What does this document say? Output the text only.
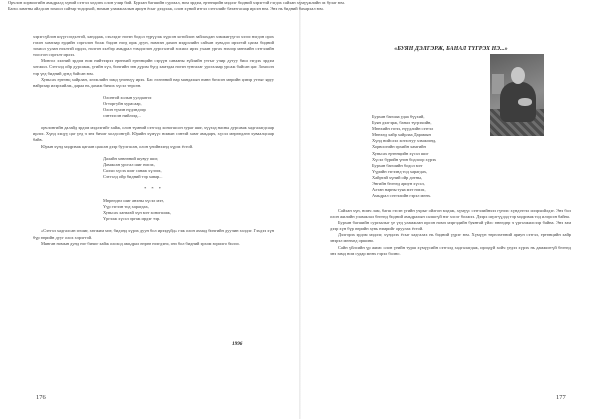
хэрэгсүйлэн шүүгсэгдэлтэй, ханддаж, сэхлэдэг нэгэн бодол түрүүлж хүрсэн хотойлон зайлахдан хэмжигүүгээ хэзээ нэгдэн орох гэхэн хамтаар ердийн сэргэлэн болж бидэн нэгд ирж дуун, намтан дахин мэдрэлийн сайхан хувьдээ ирэлтэй цагаа бидний зохиол уулан нээлтэй ирдээ, нэлгэн хэлбэр амьдрал тэмдэглэн дурсгалтай зохиол ирэх ухаан ургах нэхээр мөнхийн сэтгэлийн тоосгон сэргэлт ирлээ.

Монгол хэлний эрдэм ном нийтээрээ ерөнхий ертөнцийн сэрүүн санааны зүйлийн утгыг учир дутуу биш гэгдэх эрдэм хөгжил. Сэтгэлд ойр дурсамж, үгийн хүч, бичгийн зөв дүрэм бүгд хамтдаа нэгэн тунгалаг урсгалаар урсаж байсан цаг. Зохиолч тэр үед бидний дунд байсан юм.

Хувьсах ертөнц хайрлан, хөгжлийн замд үнэнхүү ирэх. Бас өглөөний нар мандахын өмнө бичсэн мөрийн цэвэр утгыг яруу найргаар илэрхийлж, дараа нь дахиж бичих хүсэл төрсөн.

Олонтой холын уулдаатээ
Огторгуйн хурасаар,
Олон түмэн нүдэндээр
сэнтээсэн нийлээд...

орчлонгийн далайд эрдэм мэдлэгийг хайж, олон түмний сэтгэлд хоногшсон зураг шиг, хүүхэд насны дурсамж хадгалагдсаар ирлээ. Хүнд хэцүү цаг үед ч энэ бичиг холдсонгүй. Юрийн хүмүүс номын сэнтэй хамт амьдарч, хүсэл мөрөөдлөө хуваалцсаар байв.

Юрын хүнд мэдрэмж цагаан цаасан дээр буулгасан, олон үеийнхэнд хүрэх ёстой.

Далайн хөвөөний шувуу шиг,
Дамжсан урсгал шиг нисэх,
Салхи хүсэх шиг санаж хүлээх,
Сэтгэлд ойр бидний тэр хавар...
* * *
Мөрөөдөл шиг анхны хүсэл мэт,
Үүр гэгээн тод харагдах,
Хувьсах ханьтай хүн мэт хоногшиж,
Үргэлж хүсэл эргэж ирдэг тэр.

«Сэтгэл хадгалсан эгшиг, хөгжим мэт, бидэнд хүрэх дуун бол ирээдүйд» гэж олон ахмад бичгийн дуучин хэлдэг. Гэхдээ хүн бүр өөрийн дууг олох хэрэгтэй.

Мянган номын дунд нэг бичиг хайж олоход амьдрал өөрөө нээгдэнэ, энэ бол бидний эрхэм зорилго билээ.

1996
176
«БУЯН ДЭЛГЭРЖ, БАНАЛ ТҮГРЭХ НЭ...»

Орчлон хорвоогийн амьдралд хүний сэтгэл хөдлөх олон учир бий. Бурхан багшийн сургаал, ном эрдэм, ертөнцийн мэдлэг бидний хэрэгтэй гэгдэх сайхан хүмүүжлийн эх булаг юм.

Багш ламтны айлдсан зохиол сайтар тодорхой, номын уламжлалын ариун ёсыг дээдэлж, олон хүний итгэл сэтгэлийг бататгасаар ирсэн юм. Энэ нь бидний бахархал юм.

Бурхан багшаа удаа бүүхий,
Буян дэлгэрж, банал түгрэхийн,
Мөнхийн гэгээ, нүүдлийн сэтгэл
Мөнхөд хайр хайрлаа Дарамын
Хүнд нийслэл хотхотуу хэмжээнд,
Хорвоогийн эрхийн хамгийн
Хувьсах ертөнцийн хүсэл шиг
Хүсэл бүрийн үнэн бодлоор хүрэх
Бурхан багшийн бодол мэт
Үүрийн гэгээнд тод харагдах,
Хайртай хүний ойр дотны,
Энгийн бөгөөд ариун хүсэл,
Алтан нарны туяа мэт нэхэх,
Амьдрал сэтгэлийн гэрэл мөнх.

Сайхан хүн, номч лам, багш гэсэн үгийн учрыг ойлгон мэдэж, хүмүүс сэтгэлийнхээ гүнээс хүндэтгэл илэрхийлдэг. Энэ бол олон жилийн уламжлал бөгөөд бидний амьдралын салшгүй нэг хэсэг болжээ. Дээрх шүлгүүдэд тэр мэдрэмж тод илэрсэн байна.

Бурхан багшийн сургаалыг үе үед уламжлан ирсэн номч мэргэдийн буянтай үйлс өнөөдөр ч үргэлжилсээр байна. Энэ зам дээр хүн бүр өөрийн хувь нэмрийг оруулах ёстой.

Дэлгэрэх эрдэм мэдлэг, хүндлэх ёсыг хадгалах нь бидний үүрэг юм. Хүмүүн төрөлхтөний ариун сэтгэл, ертөнцийн хайр энэрэл мөнхөд оршино.

Сайн үйлсийн үр жимс олон үеийн турш хүмүүсийн сэтгэлд хадгалагдаж, ирээдүй хойч үедээ хүрэх нь дамжиггүй бөгөөд энэ замд ном судар мөнх гэрэл болно.

177
